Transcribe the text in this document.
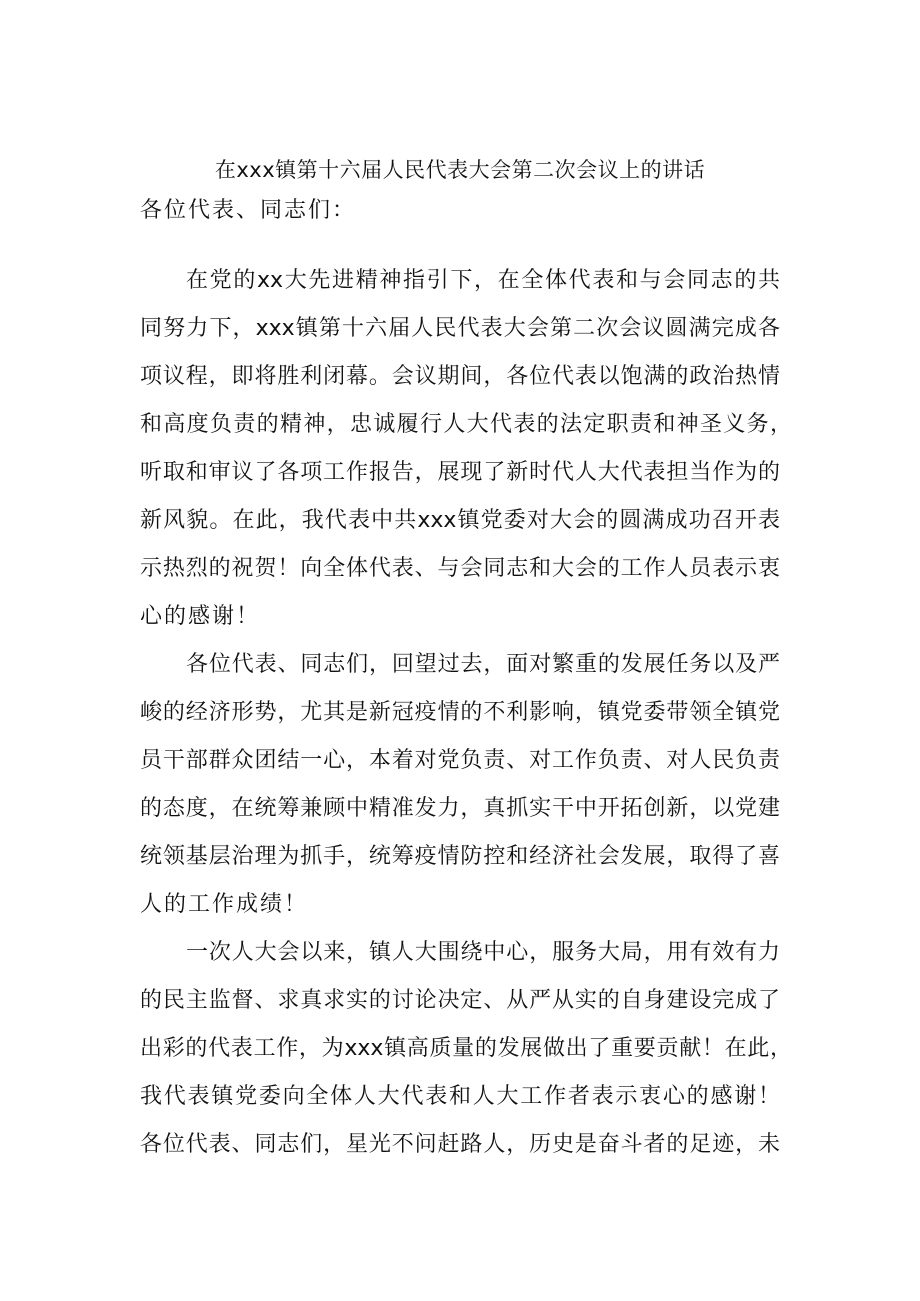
在xxx镇第十六届人民代表大会第二次会议上的讲话
各位代表、同志们：
在党的xx大先进精神指引下，在全体代表和与会同志的共
同努力下，xxx镇第十六届人民代表大会第二次会议圆满完成各
项议程，即将胜利闭幕。会议期间，各位代表以饱满的政治热情
和高度负责的精神，忠诚履行人大代表的法定职责和神圣义务，
听取和审议了各项工作报告，展现了新时代人大代表担当作为的
新风貌。在此，我代表中共xxx镇党委对大会的圆满成功召开表
示热烈的祝贺！向全体代表、与会同志和大会的工作人员表示衷
心的感谢！
各位代表、同志们，回望过去，面对繁重的发展任务以及严
峻的经济形势，尤其是新冠疫情的不利影响，镇党委带领全镇党
员干部群众团结一心，本着对党负责、对工作负责、对人民负责
的态度，在统筹兼顾中精准发力，真抓实干中开拓创新，以党建
统领基层治理为抓手，统筹疫情防控和经济社会发展，取得了喜
人的工作成绩！
一次人大会以来，镇人大围绕中心，服务大局，用有效有力
的民主监督、求真求实的讨论决定、从严从实的自身建设完成了
出彩的代表工作，为xxx镇高质量的发展做出了重要贡献！在此，
我代表镇党委向全体人大代表和人大工作者表示衷心的感谢！
各位代表、同志们，星光不问赶路人，历史是奋斗者的足迹，未
